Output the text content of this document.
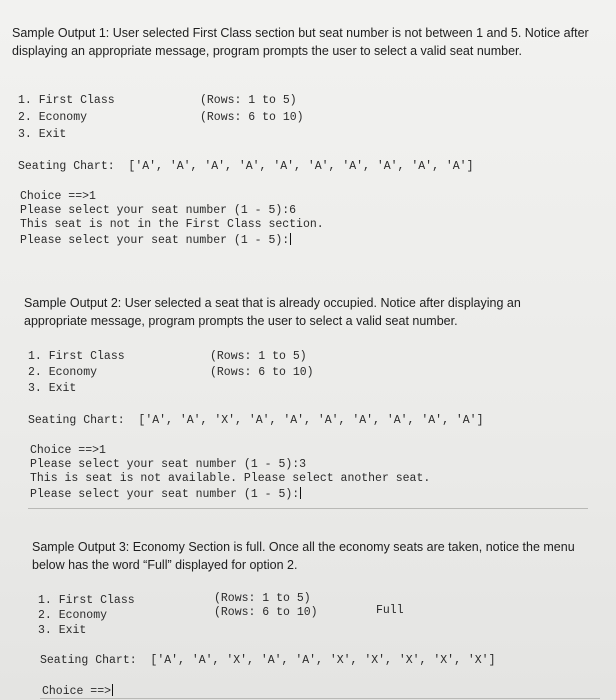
Sample Output 1: User selected First Class section but seat number is not between 1 and 5. Notice after displaying an appropriate message, program prompts the user to select a valid seat number.
1. First Class	(Rows: 1 to 5)
2. Economy	(Rows: 6 to 10)
3. Exit
Seating Chart:  ['A', 'A', 'A', 'A', 'A', 'A', 'A', 'A', 'A', 'A']
Choice ==>1
Please select your seat number (1 - 5):6
This seat is not in the First Class section.
Please select your seat number (1 - 5):
Sample Output 2: User selected a seat that is already occupied. Notice after displaying an appropriate message, program prompts the user to select a valid seat number.
1. First Class	(Rows: 1 to 5)
2. Economy	(Rows: 6 to 10)
3. Exit
Seating Chart:  ['A', 'A', 'X', 'A', 'A', 'A', 'A', 'A', 'A', 'A']
Choice ==>1
Please select your seat number (1 - 5):3
This is seat is not available. Please select another seat.
Please select your seat number (1 - 5):
Sample Output 3: Economy Section is full. Once all the economy seats are taken, notice the menu below has the word “Full” displayed for option 2.
1. First Class	(Rows: 1 to 5)
2. Economy	(Rows: 6 to 10)	Full
3. Exit
Seating Chart:  ['A', 'A', 'X', 'A', 'A', 'X', 'X', 'X', 'X', 'X']
Choice ==>
